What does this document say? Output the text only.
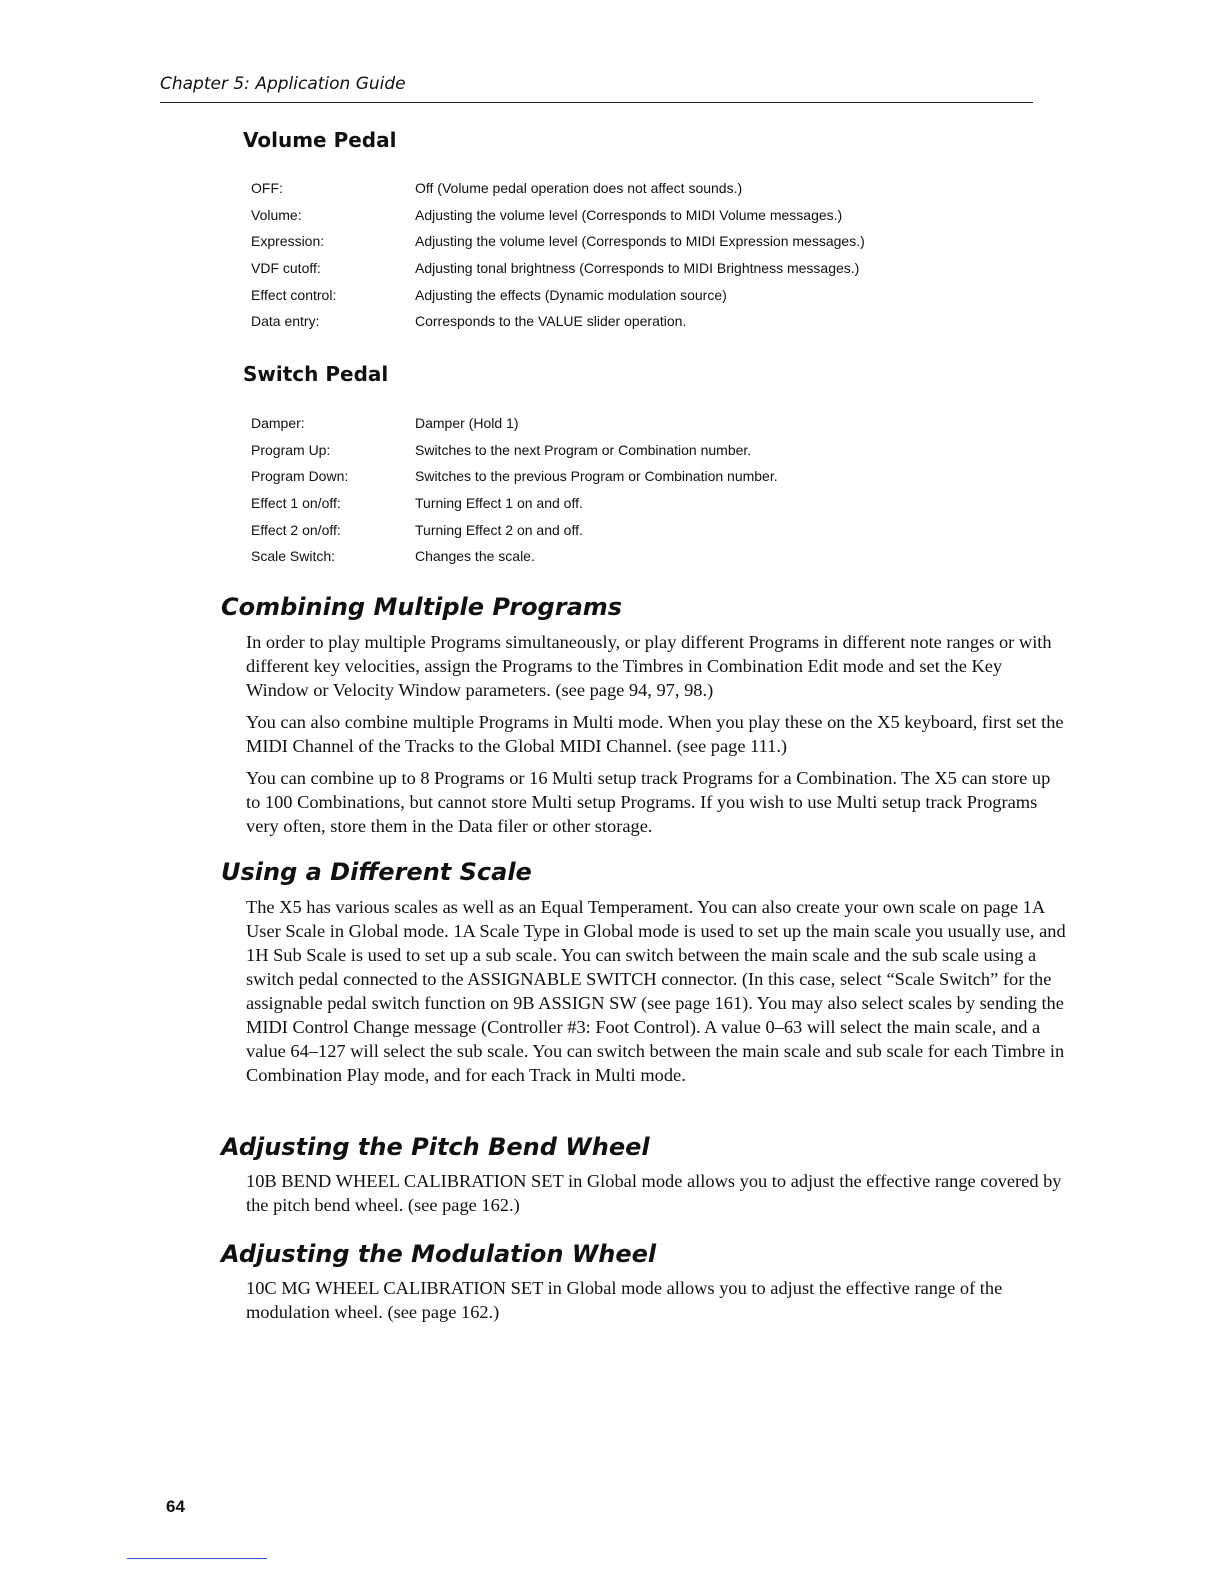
Chapter 5: Application Guide
Volume Pedal
OFF:	Off (Volume pedal operation does not affect sounds.)
Volume:	Adjusting the volume level (Corresponds to MIDI Volume messages.)
Expression:	Adjusting the volume level (Corresponds to MIDI Expression messages.)
VDF cutoff:	Adjusting tonal brightness (Corresponds to MIDI Brightness messages.)
Effect control:	Adjusting the effects (Dynamic modulation source)
Data entry:	Corresponds to the VALUE slider operation.
Switch Pedal
Damper:	Damper (Hold 1)
Program Up:	Switches to the next Program or Combination number.
Program Down:	Switches to the previous Program or Combination number.
Effect 1 on/off:	Turning Effect 1 on and off.
Effect 2 on/off:	Turning Effect 2 on and off.
Scale Switch:	Changes the scale.
Combining Multiple Programs

In order to play multiple Programs simultaneously, or play different Programs in different note ranges or with different key velocities, assign the Programs to the Timbres in Combination Edit mode and set the Key Window or Velocity Window parameters. (see page 94, 97, 98.)

You can also combine multiple Programs in Multi mode. When you play these on the X5 keyboard, first set the MIDI Channel of the Tracks to the Global MIDI Channel. (see page 111.)

You can combine up to 8 Programs or 16 Multi setup track Programs for a Combination. The X5 can store up to 100 Combinations, but cannot store Multi setup Programs. If you wish to use Multi setup track Programs very often, store them in the Data filer or other storage.

Using a Different Scale

The X5 has various scales as well as an Equal Temperament. You can also create your own scale on page 1A User Scale in Global mode. 1A Scale Type in Global mode is used to set up the main scale you usually use, and 1H Sub Scale is used to set up a sub scale. You can switch between the main scale and the sub scale using a switch pedal connected to the ASSIGNABLE SWITCH connector. (In this case, select “Scale Switch” for the assignable pedal switch function on 9B ASSIGN SW (see page 161). You may also select scales by sending the MIDI Control Change message (Controller #3: Foot Control). A value 0–63 will select the main scale, and a value 64–127 will select the sub scale. You can switch between the main scale and sub scale for each Timbre in Combination Play mode, and for each Track in Multi mode.

Adjusting the Pitch Bend Wheel

10B BEND WHEEL CALIBRATION SET in Global mode allows you to adjust the effective range covered by the pitch bend wheel. (see page 162.)

Adjusting the Modulation Wheel

10C MG WHEEL CALIBRATION SET in Global mode allows you to adjust the effective range of the modulation wheel. (see page 162.)

64
